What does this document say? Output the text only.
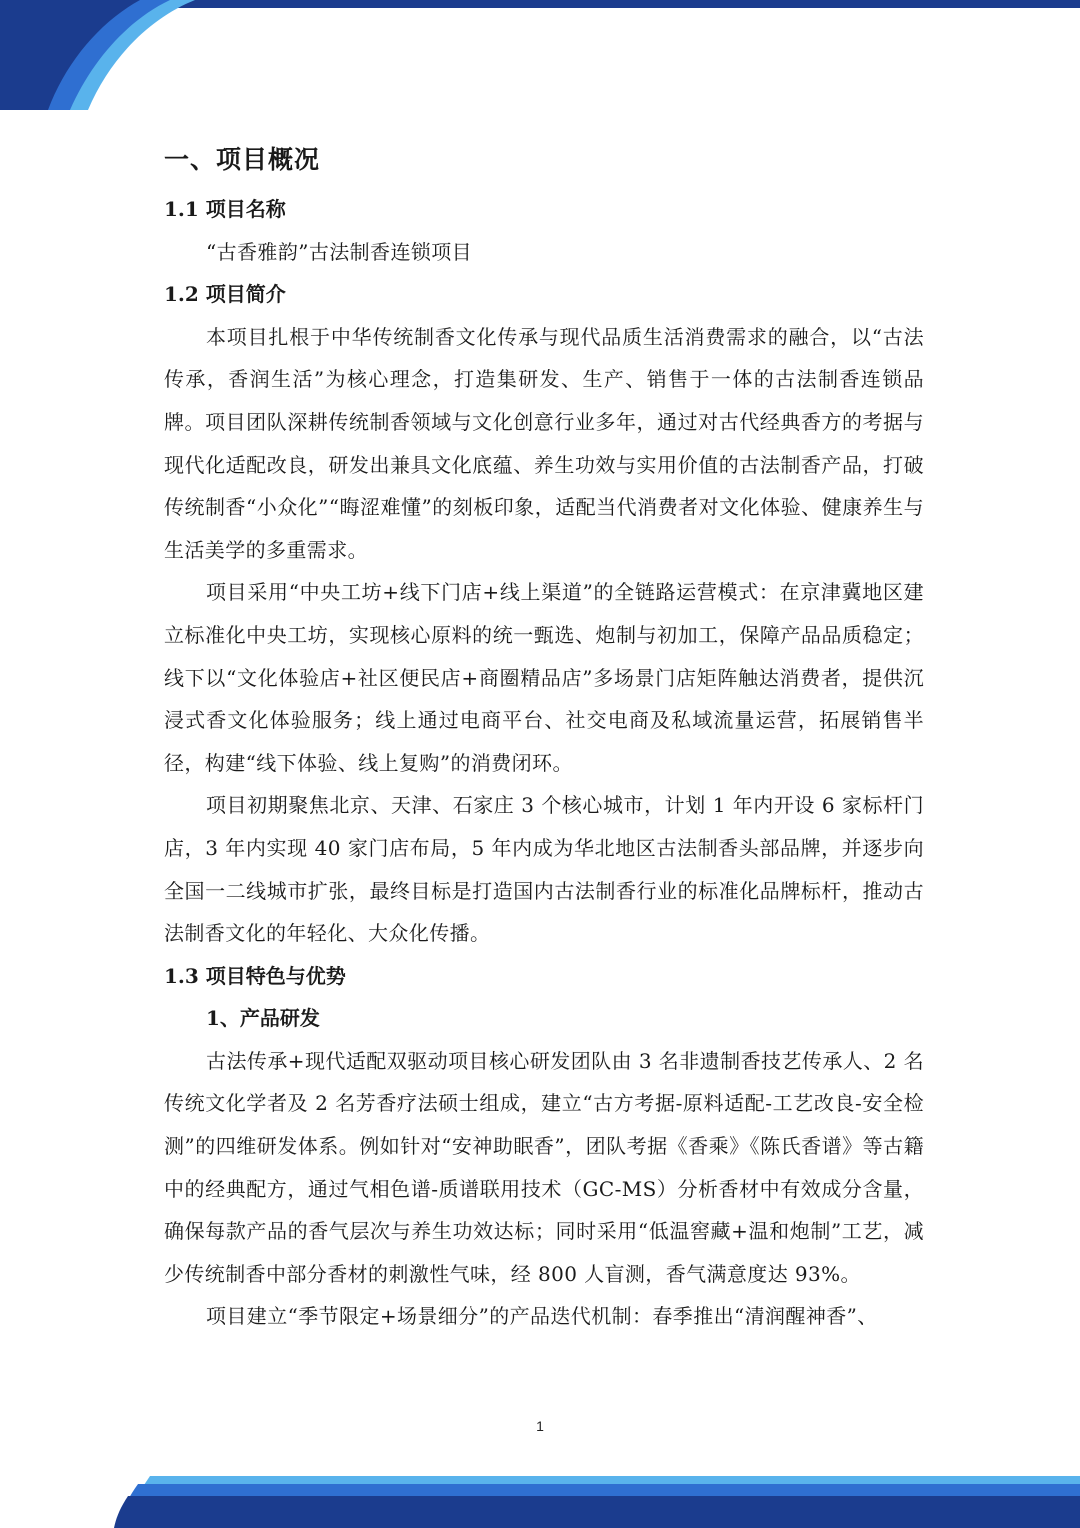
一、项目概况
1.1 项目名称

“古香雅韵”古法制香连锁项目

1.2 项目简介

本项目扎根于中华传统制香文化传承与现代品质生活消费需求的融合，以“古法传承，香润生活”为核心理念，打造集研发、生产、销售于一体的古法制香连锁品牌。项目团队深耕传统制香领域与文化创意行业多年，通过对古代经典香方的考据与现代化适配改良，研发出兼具文化底蕴、养生功效与实用价值的古法制香产品，打破传统制香“小众化”“晦涩难懂”的刻板印象，适配当代消费者对文化体验、健康养生与生活美学的多重需求。

项目采用“中央工坊+线下门店+线上渠道”的全链路运营模式：在京津冀地区建立标准化中央工坊，实现核心原料的统一甄选、炮制与初加工，保障产品品质稳定；线下以“文化体验店+社区便民店+商圈精品店”多场景门店矩阵触达消费者，提供沉浸式香文化体验服务；线上通过电商平台、社交电商及私域流量运营，拓展销售半径，构建“线下体验、线上复购”的消费闭环。

项目初期聚焦北京、天津、石家庄 3 个核心城市，计划 1 年内开设 6 家标杆门店，3 年内实现 40 家门店布局，5 年内成为华北地区古法制香头部品牌，并逐步向全国一二线城市扩张，最终目标是打造国内古法制香行业的标准化品牌标杆，推动古法制香文化的年轻化、大众化传播。

1.3 项目特色与优势
1、产品研发

古法传承+现代适配双驱动项目核心研发团队由 3 名非遗制香技艺传承人、2 名传统文化学者及 2 名芳香疗法硕士组成，建立“古方考据-原料适配-工艺改良-安全检测”的四维研发体系。例如针对“安神助眠香”，团队考据《香乘》《陈氏香谱》等古籍中的经典配方，通过气相色谱-质谱联用技术（GC-MS）分析香材中有效成分含量，确保每款产品的香气层次与养生功效达标；同时采用“低温窖藏+温和炮制”工艺，减少传统制香中部分香材的刺激性气味，经 800 人盲测，香气满意度达 93%。

项目建立“季节限定+场景细分”的产品迭代机制：春季推出“清润醒神香”、

1
